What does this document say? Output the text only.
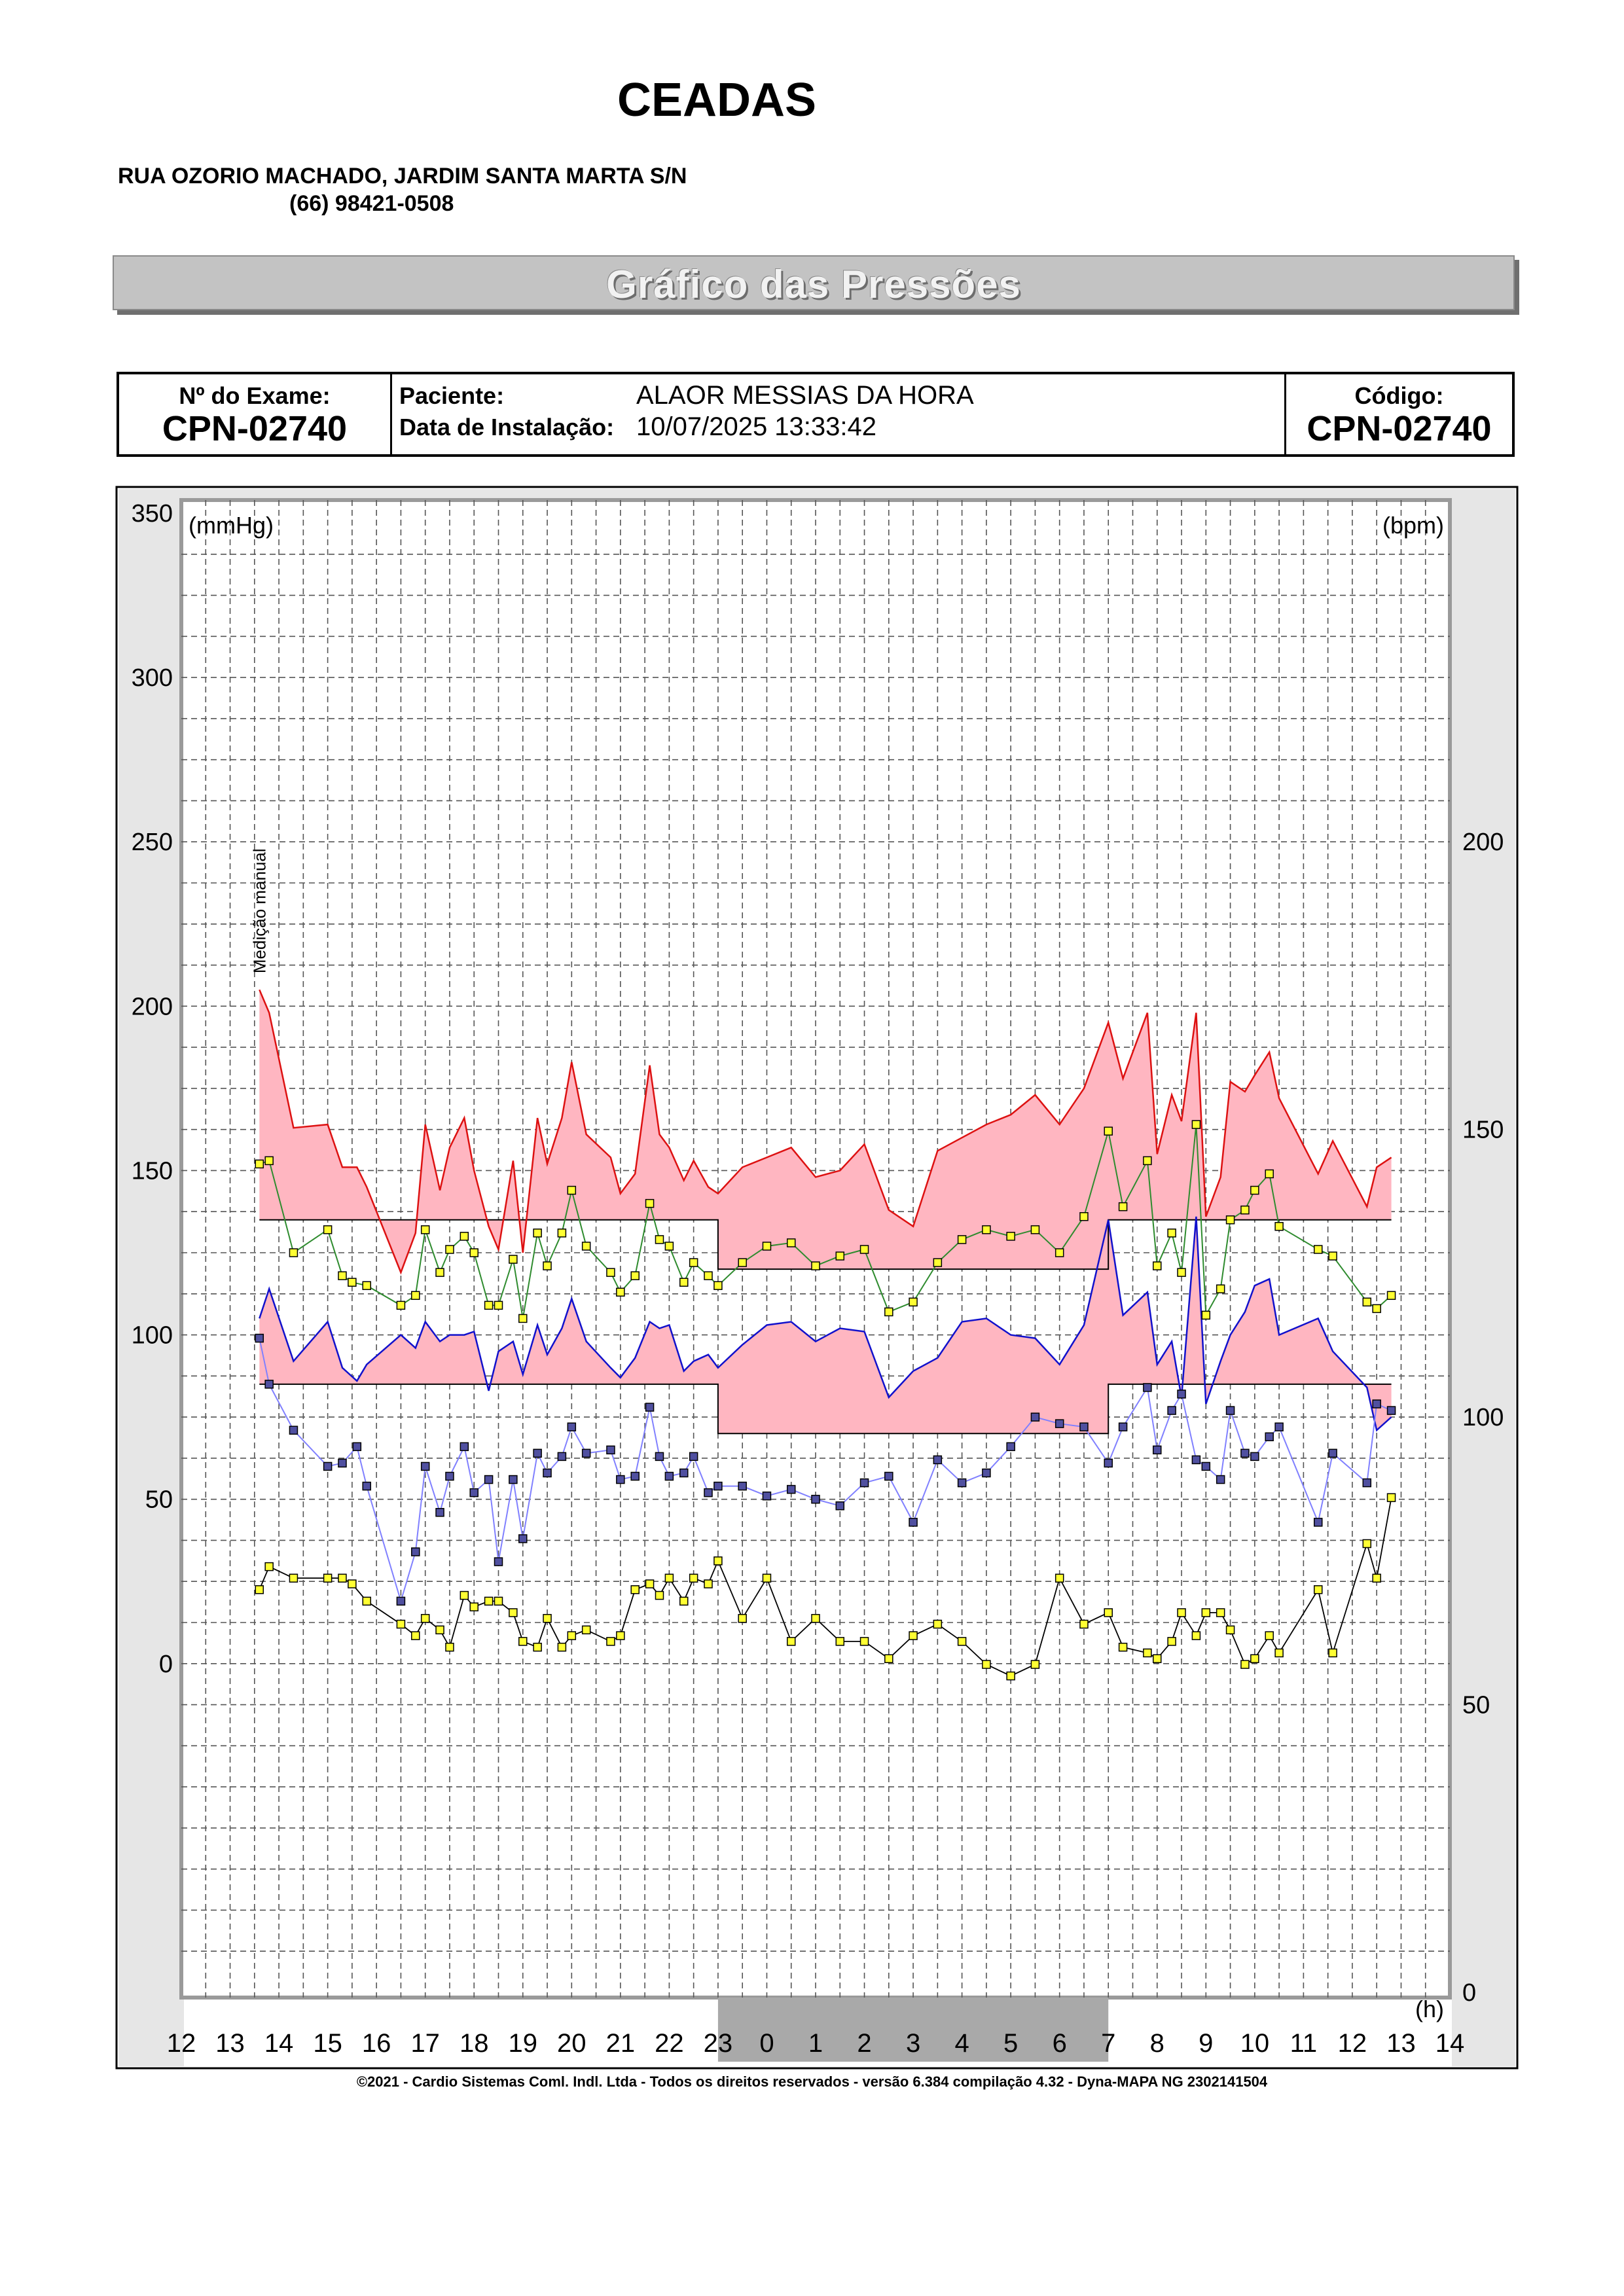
CEADAS
RUA OZORIO MACHADO, JARDIM SANTA MARTA S/N
(66) 98421-0508
Gráfico das Pressões
Nº do Exame:
CPN-02740
Paciente:
Data de Instalação:
ALAOR MESSIAS DA HORA
10/07/2025 13:33:42
Código:
CPN-02740
350
300
250
200
150
100
50
0
200
150
100
50
0
12 13 14 15 16 17 18 19 20 21 22 23 0 1 2 3 4 5 6 7 8 9 10 11 12 13 14
(mmHg)	(bpm)
(h)
Medição manual
©2021 - Cardio Sistemas Coml. Indl. Ltda - Todos os direitos reservados - versão 6.384 compilação 4.32 - Dyna-MAPA NG 2302141504
